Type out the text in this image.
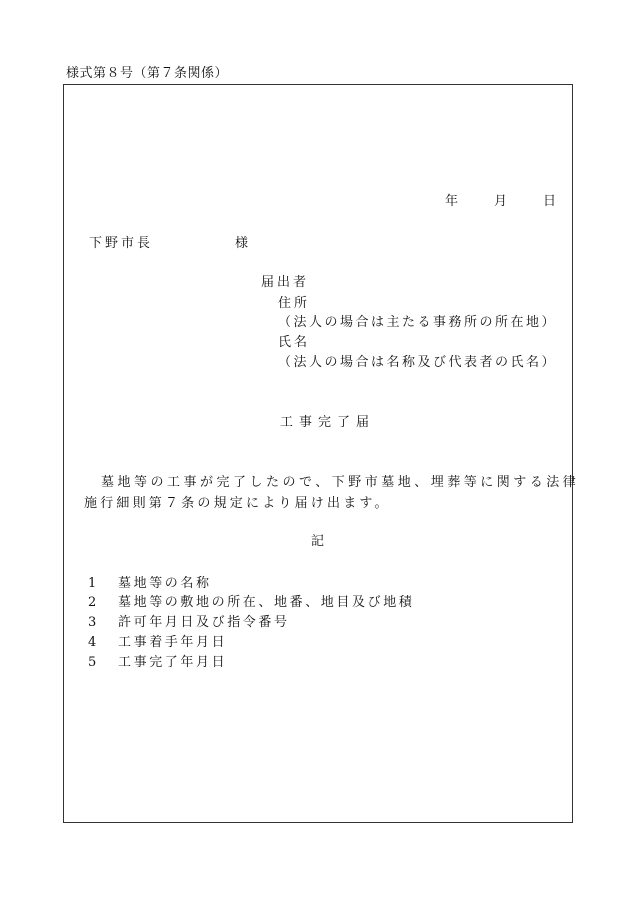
様式第８号（第７条関係）
年	月	日
下野市長	様
届出者
住所
（法人の場合は主たる事務所の所在地）
氏名
（法人の場合は名称及び代表者の氏名）
工事完了届
墓地等の工事が完了したので、下野市墓地、埋葬等に関する法律
施行細則第７条の規定により届け出ます。
記
1 墓地等の名称
2 墓地等の敷地の所在、地番、地目及び地積
3 許可年月日及び指令番号
4 工事着手年月日
5 工事完了年月日
